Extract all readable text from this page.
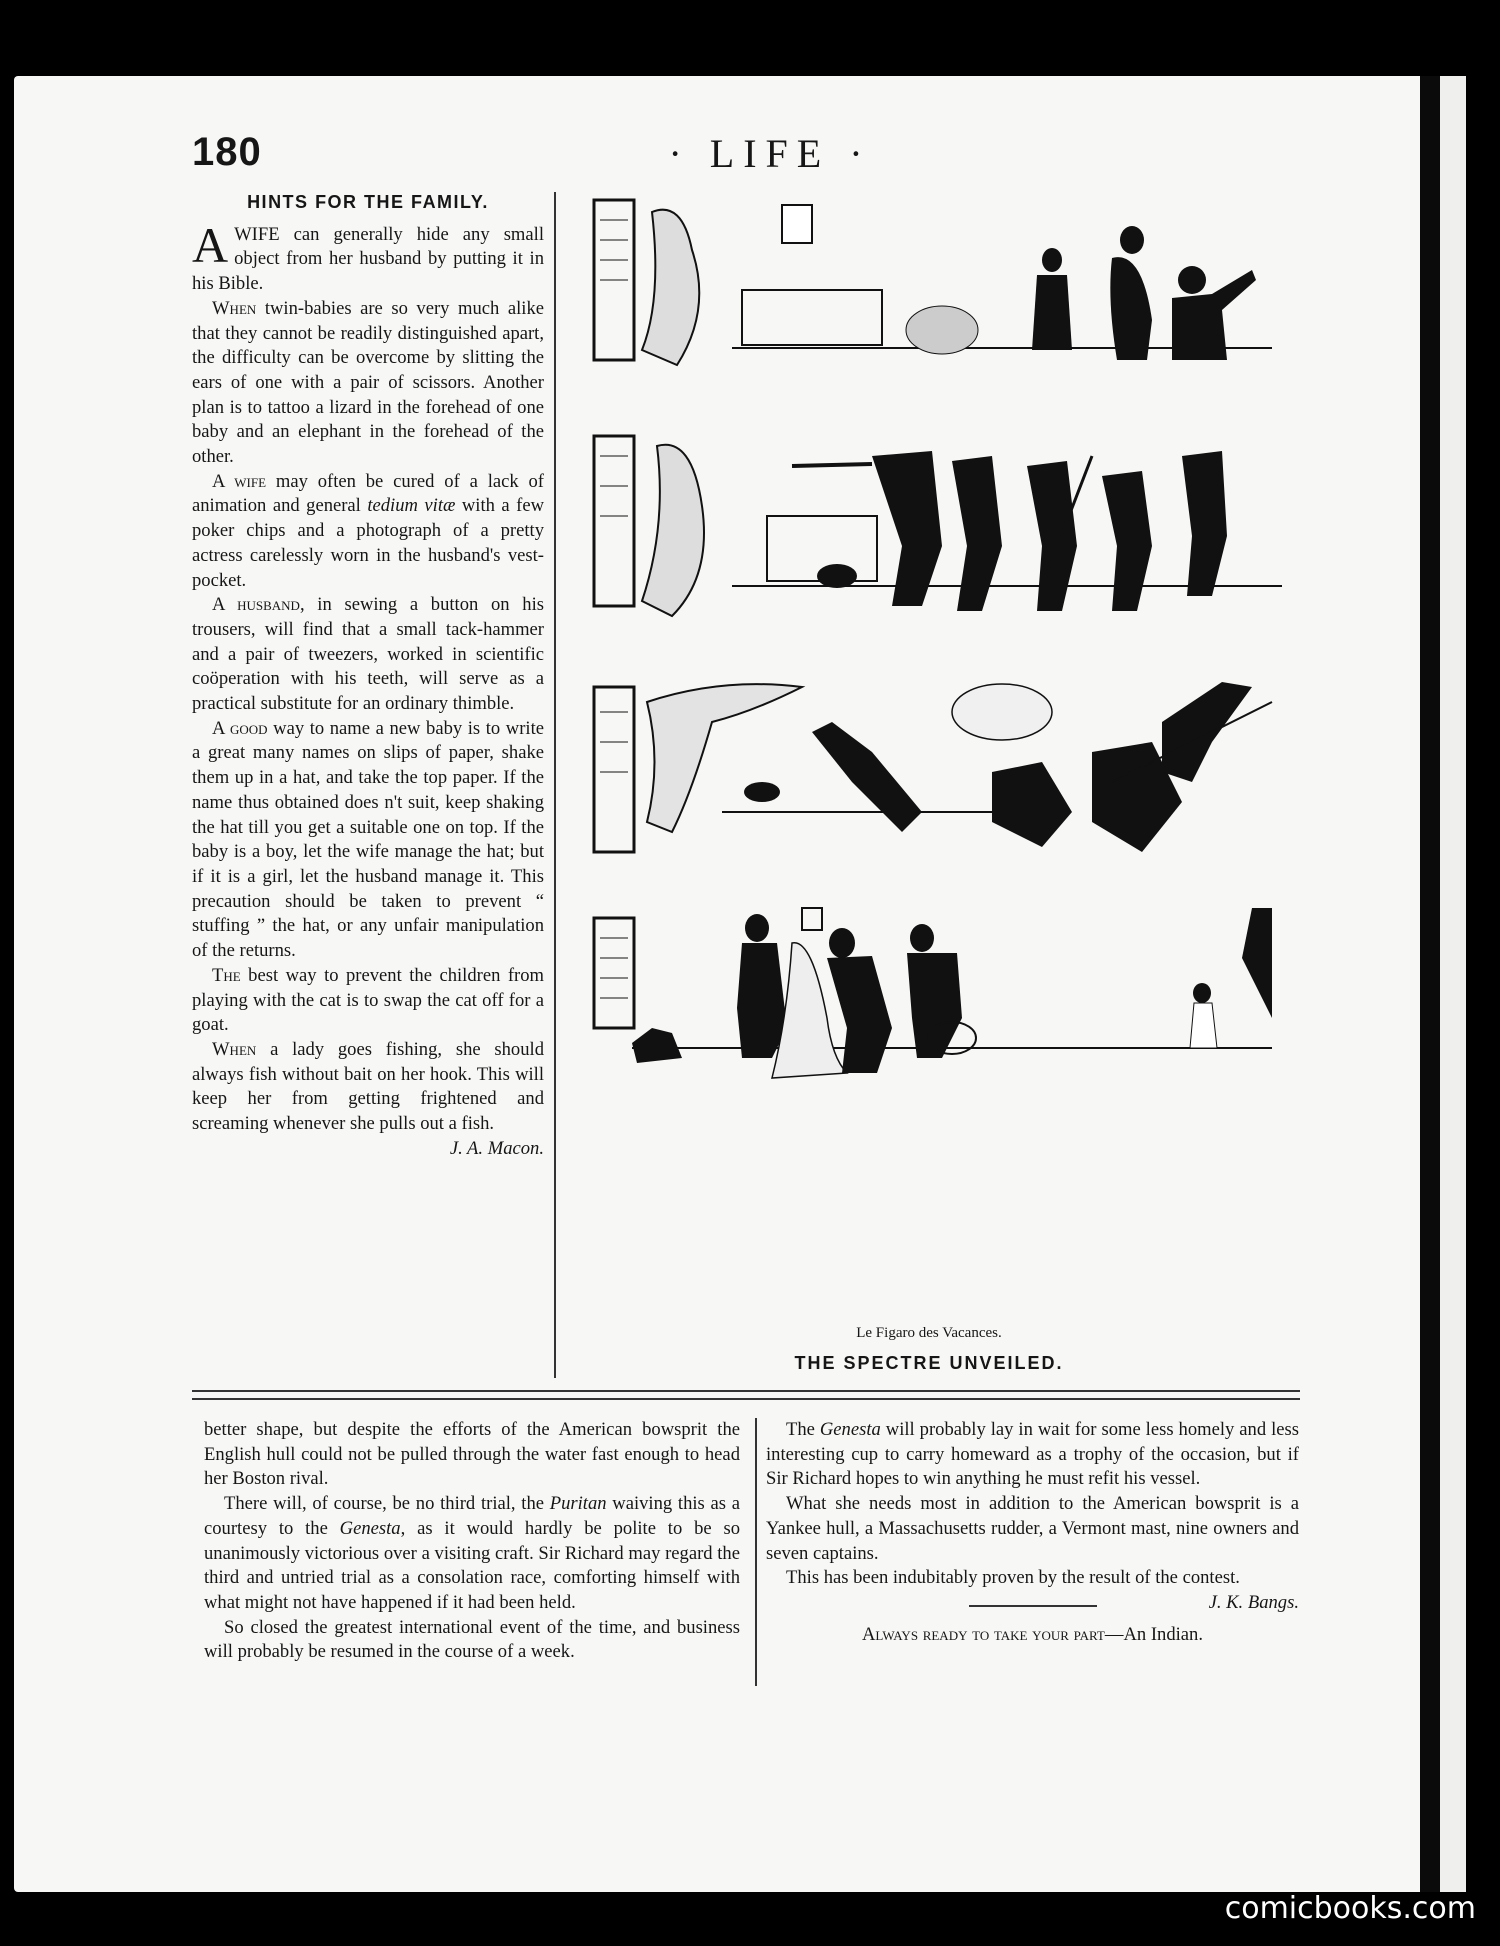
180	· LIFE ·
HINTS FOR THE FAMILY.

AWIFE can generally hide any small object from her husband by putting it in his Bible.

When twin-babies are so very much alike that they cannot be readily distinguished apart, the difficulty can be overcome by slitting the ears of one with a pair of scissors. Another plan is to tattoo a lizard in the forehead of one baby and an elephant in the forehead of the other.

A wife may often be cured of a lack of animation and general tedium vitæ with a few poker chips and a photograph of a pretty actress carelessly worn in the husband's vest-pocket.

A husband, in sewing a button on his trousers, will find that a small tack-hammer and a pair of tweezers, worked in scientific coöperation with his teeth, will serve as a practical substitute for an ordinary thimble.

A good way to name a new baby is to write a great many names on slips of paper, shake them up in a hat, and take the top paper. If the name thus obtained does n't suit, keep shaking the hat till you get a suitable one on top. If the baby is a boy, let the wife manage the hat; but if it is a girl, let the husband manage it. This precaution should be taken to prevent “ stuffing ” the hat, or any unfair manipulation of the returns.

The best way to prevent the children from playing with the cat is to swap the cat off for a goat.

When a lady goes fishing, she should always fish without bait on her hook. This will keep her from getting frightened and screaming whenever she pulls out a fish.
J. A. Macon.

Le Figaro des Vacances.
THE SPECTRE UNVEILED.

better shape, but despite the efforts of the American bowsprit the English hull could not be pulled through the water fast enough to head her Boston rival.

There will, of course, be no third trial, the Puritan waiving this as a courtesy to the Genesta, as it would hardly be polite to be so unanimously victorious over a visiting craft. Sir Richard may regard the third and untried trial as a consolation race, comforting himself with what might not have happened if it had been held.

So closed the greatest international event of the time, and business will probably be resumed in the course of a week.

The Genesta will probably lay in wait for some less homely and less interesting cup to carry homeward as a trophy of the occasion, but if Sir Richard hopes to win anything he must refit his vessel.

What she needs most in addition to the American bowsprit is a Yankee hull, a Massachusetts rudder, a Vermont mast, nine owners and seven captains.

This has been indubitably proven by the result of the contest.
J. K. Bangs.

Always ready to take your part—An Indian.
comicbooks.com
